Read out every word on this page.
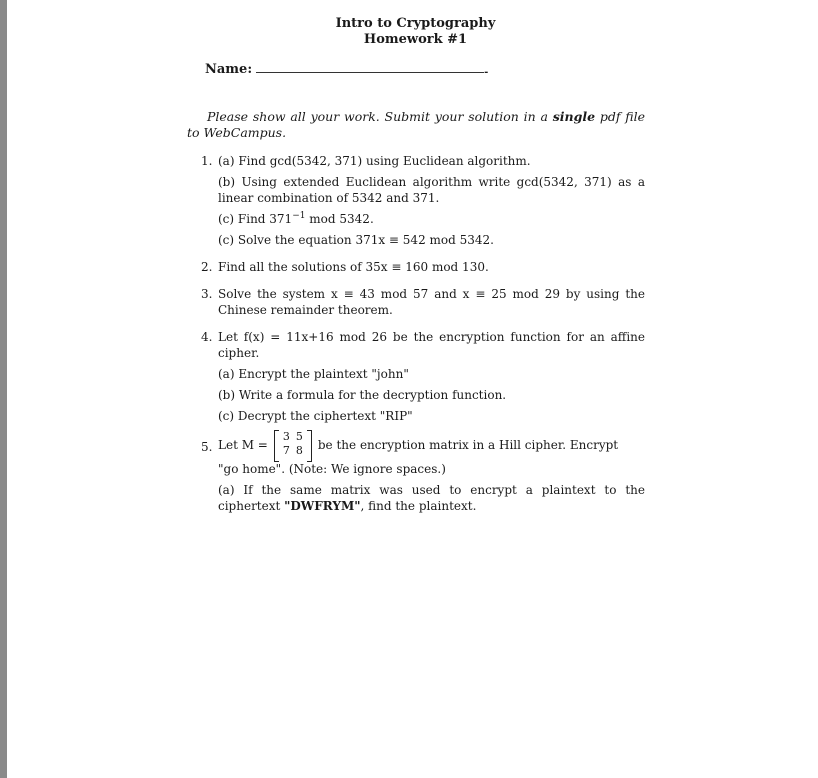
Intro to Cryptography
Homework #1
Name:	-
Please show all your work. Submit your solution in a single pdf file to WebCampus.
1. (a) Find gcd(5342, 371) using Euclidean algorithm.
(b) Using extended Euclidean algorithm write gcd(5342, 371) as a linear combination of 5342 and 371.
(c) Find $371^{-1}$ mod 5342.
(c) Solve the equation 371x ≡ 542 mod 5342.
2. Find all the solutions of 35x ≡ 160 mod 130.
3. Solve the system x ≡ 43 mod 57 and x ≡ 25 mod 29 by using the Chinese remainder theorem.
4. Let f(x) = 11x+16 mod 26 be the encryption function for an affine cipher.
(a) Encrypt the plaintext "john"
(b) Write a formula for the decryption function.
(c) Decrypt the ciphertext "RIP"
5. Let M =
3	5
7	8 be the encryption matrix in a Hill cipher. Encrypt
"go home". (Note: We ignore spaces.)
(a) If the same matrix was used to encrypt a plaintext to the ciphertext "DWFRYM", find the plaintext.
